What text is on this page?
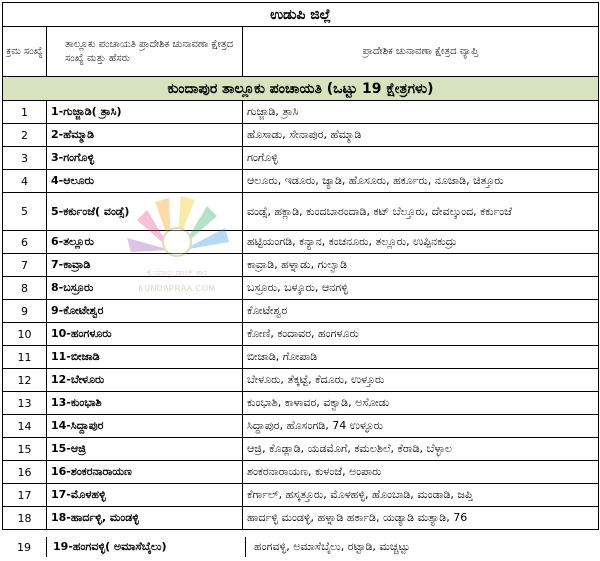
ಉಡುಪಿ ಜಿಲ್ಲೆ		
ಕ್ರಮ ಸಂಖ್ಯೆ	ತಾಲ್ಲೂಕು ಪಂಚಾಯತಿ ಪ್ರಾದೇಶಿಕ ಚುನಾವಣಾ ಕ್ಷೇತ್ರದ ಸಂಖ್ಯೆ ಮತ್ತು ಹೆಸರು	ಪ್ರಾದೇಶಿಕ ಚುನಾವಣಾ ಕ್ಷೇತ್ರದ ವ್ಯಾಪ್ತಿ
ಕುಂದಾಪುರ ತಾಲ್ಲೂಕು ಪಂಚಾಯತಿ (ಒಟ್ಟು 19 ಕ್ಷೇತ್ರಗಳು)		
1	1-ಗುಜ್ಜಾಡಿ( ತ್ರಾಸಿ)	ಗುಜ್ಜಾಡಿ, ತ್ರಾಸಿ
2	2-ಹೆಮ್ಮಾಡಿ	ಹೊಸಾಡು, ಸೇನಾಪುರ, ಹೆಮ್ಮಾಡಿ
3	3-ಗಂಗೊಳ್ಳಿ	ಗಂಗೊಳ್ಳಿ
4	4-ಆಲೂರು	ಆಲೂರು, ಇಡೂರು, ಜ್ಯಾಡಿ, ಹೊಸೂರು, ಹರ್ಕೂರು, ನೂಜಾಡಿ, ಚಿತ್ತೂರು
5	5-ಕರ್ಕುಂಜೆ( ವಂಡ್ಸೆ)	ವಂಡ್ಸೆ, ಹಕ್ಲಾಡಿ, ಕುಂದಬಾರಂದಾಡಿ, ಕಟ್ ಬೆಲ್ತೂರು, ದೇವಲ್ಕುಂದ, ಕರ್ಕುಂಜೆ
6	6-ತಲ್ಲೂರು	ಹಟ್ಟಿಯಂಗಡಿ, ಕನ್ಯಾನ, ಕಂಚನೂರು, ತಲ್ಲೂರು, ಉಪ್ಪಿನಕುದ್ರು
7	7-ಕಾವ್ರಾಡಿ	ಕಾವ್ರಾಡಿ, ಹಳ್ನಾಡು, ಗುಲ್ವಾಡಿ
8	8-ಬಸ್ರೂರು	ಬಸ್ರೂರು, ಬಳ್ಕೂರು, ಆನಗಳ್ಳಿ
9	9-ಕೋಟೇಶ್ವರ	ಕೋಟೇಶ್ವರ
10	10-ಹಂಗಳೂರು	ಕೋಣಿ, ಕಂದಾವರ, ಹಂಗಳೂರು
11	11-ಬೀಜಾಡಿ	ಬೀಜಾಡಿ, ಗೋಪಾಡಿ
12	12-ಬೇಳೂರು	ಬೇಳೂರು, ತೆಕ್ಕಟ್ಟೆ, ಕೆದೂರು, ಉಳ್ತೂರು
13	13-ಕುಂಭಾಶಿ	ಕುಂಭಾಶಿ, ಕಾಳಾವರ, ವಕ್ವಾಡಿ, ಅಸೋಡು
14	14-ಸಿದ್ದಾಪುರ	ಸಿದ್ದಾಪುರ, ಹೊಸಂಗಡಿ, 74 ಉಳ್ಳೂರು
15	15-ಆಜ್ರಿ	ಆಜ್ರಿ, ಕೊಡ್ಲಾಡಿ, ಯಡಮೊಗೆ, ಕಮಲಶಿಲೆ, ಕೆರಾಡಿ, ಬೆಳ್ಳಾಲ
16	16-ಶಂಕರನಾರಾಯಣ	ಶಂಕರನಾರಾಯಣ, ಕುಳಂಜೆ, ಅಂಪಾರು
17	17-ಮೊಳಹಳ್ಳಿ	ಕೆರ್ಗಾಲ್, ಹಸ್ಕತ್ತೂರು, ಮೊಳಹಳ್ಳಿ, ಹೊಂಬಾಡಿ, ಮಂಡಾಡಿ, ಜಪ್ತಿ
18	18-ಹಾರ್ದಳ್ಳಿ, ಮಂಡಳ್ಳಿ	ಹಾರ್ದಳ್ಳಿ ಮಂಡಳ್ಳಿ, ಹಳ್ನಾಡಿ ಹರ್ಕಾಡಿ, ಯಡ್ಯಾಡಿ ಮತ್ಯಾಡಿ, 76
19	19-ಹಂಗವಳ್ಳಿ( ಅಮಾಸೆಬೈಲು)	ಹಂಗವಳ್ಳಿ, ಅಮಾಸೆಬೈಲು, ರಟ್ಟಾಡಿ, ಮಚ್ಚಟ್ಟು
ಕುಂದಾಪ್ರ ಡಾಟ್ ಕಾಂ
KUNDAPRAA.COM
